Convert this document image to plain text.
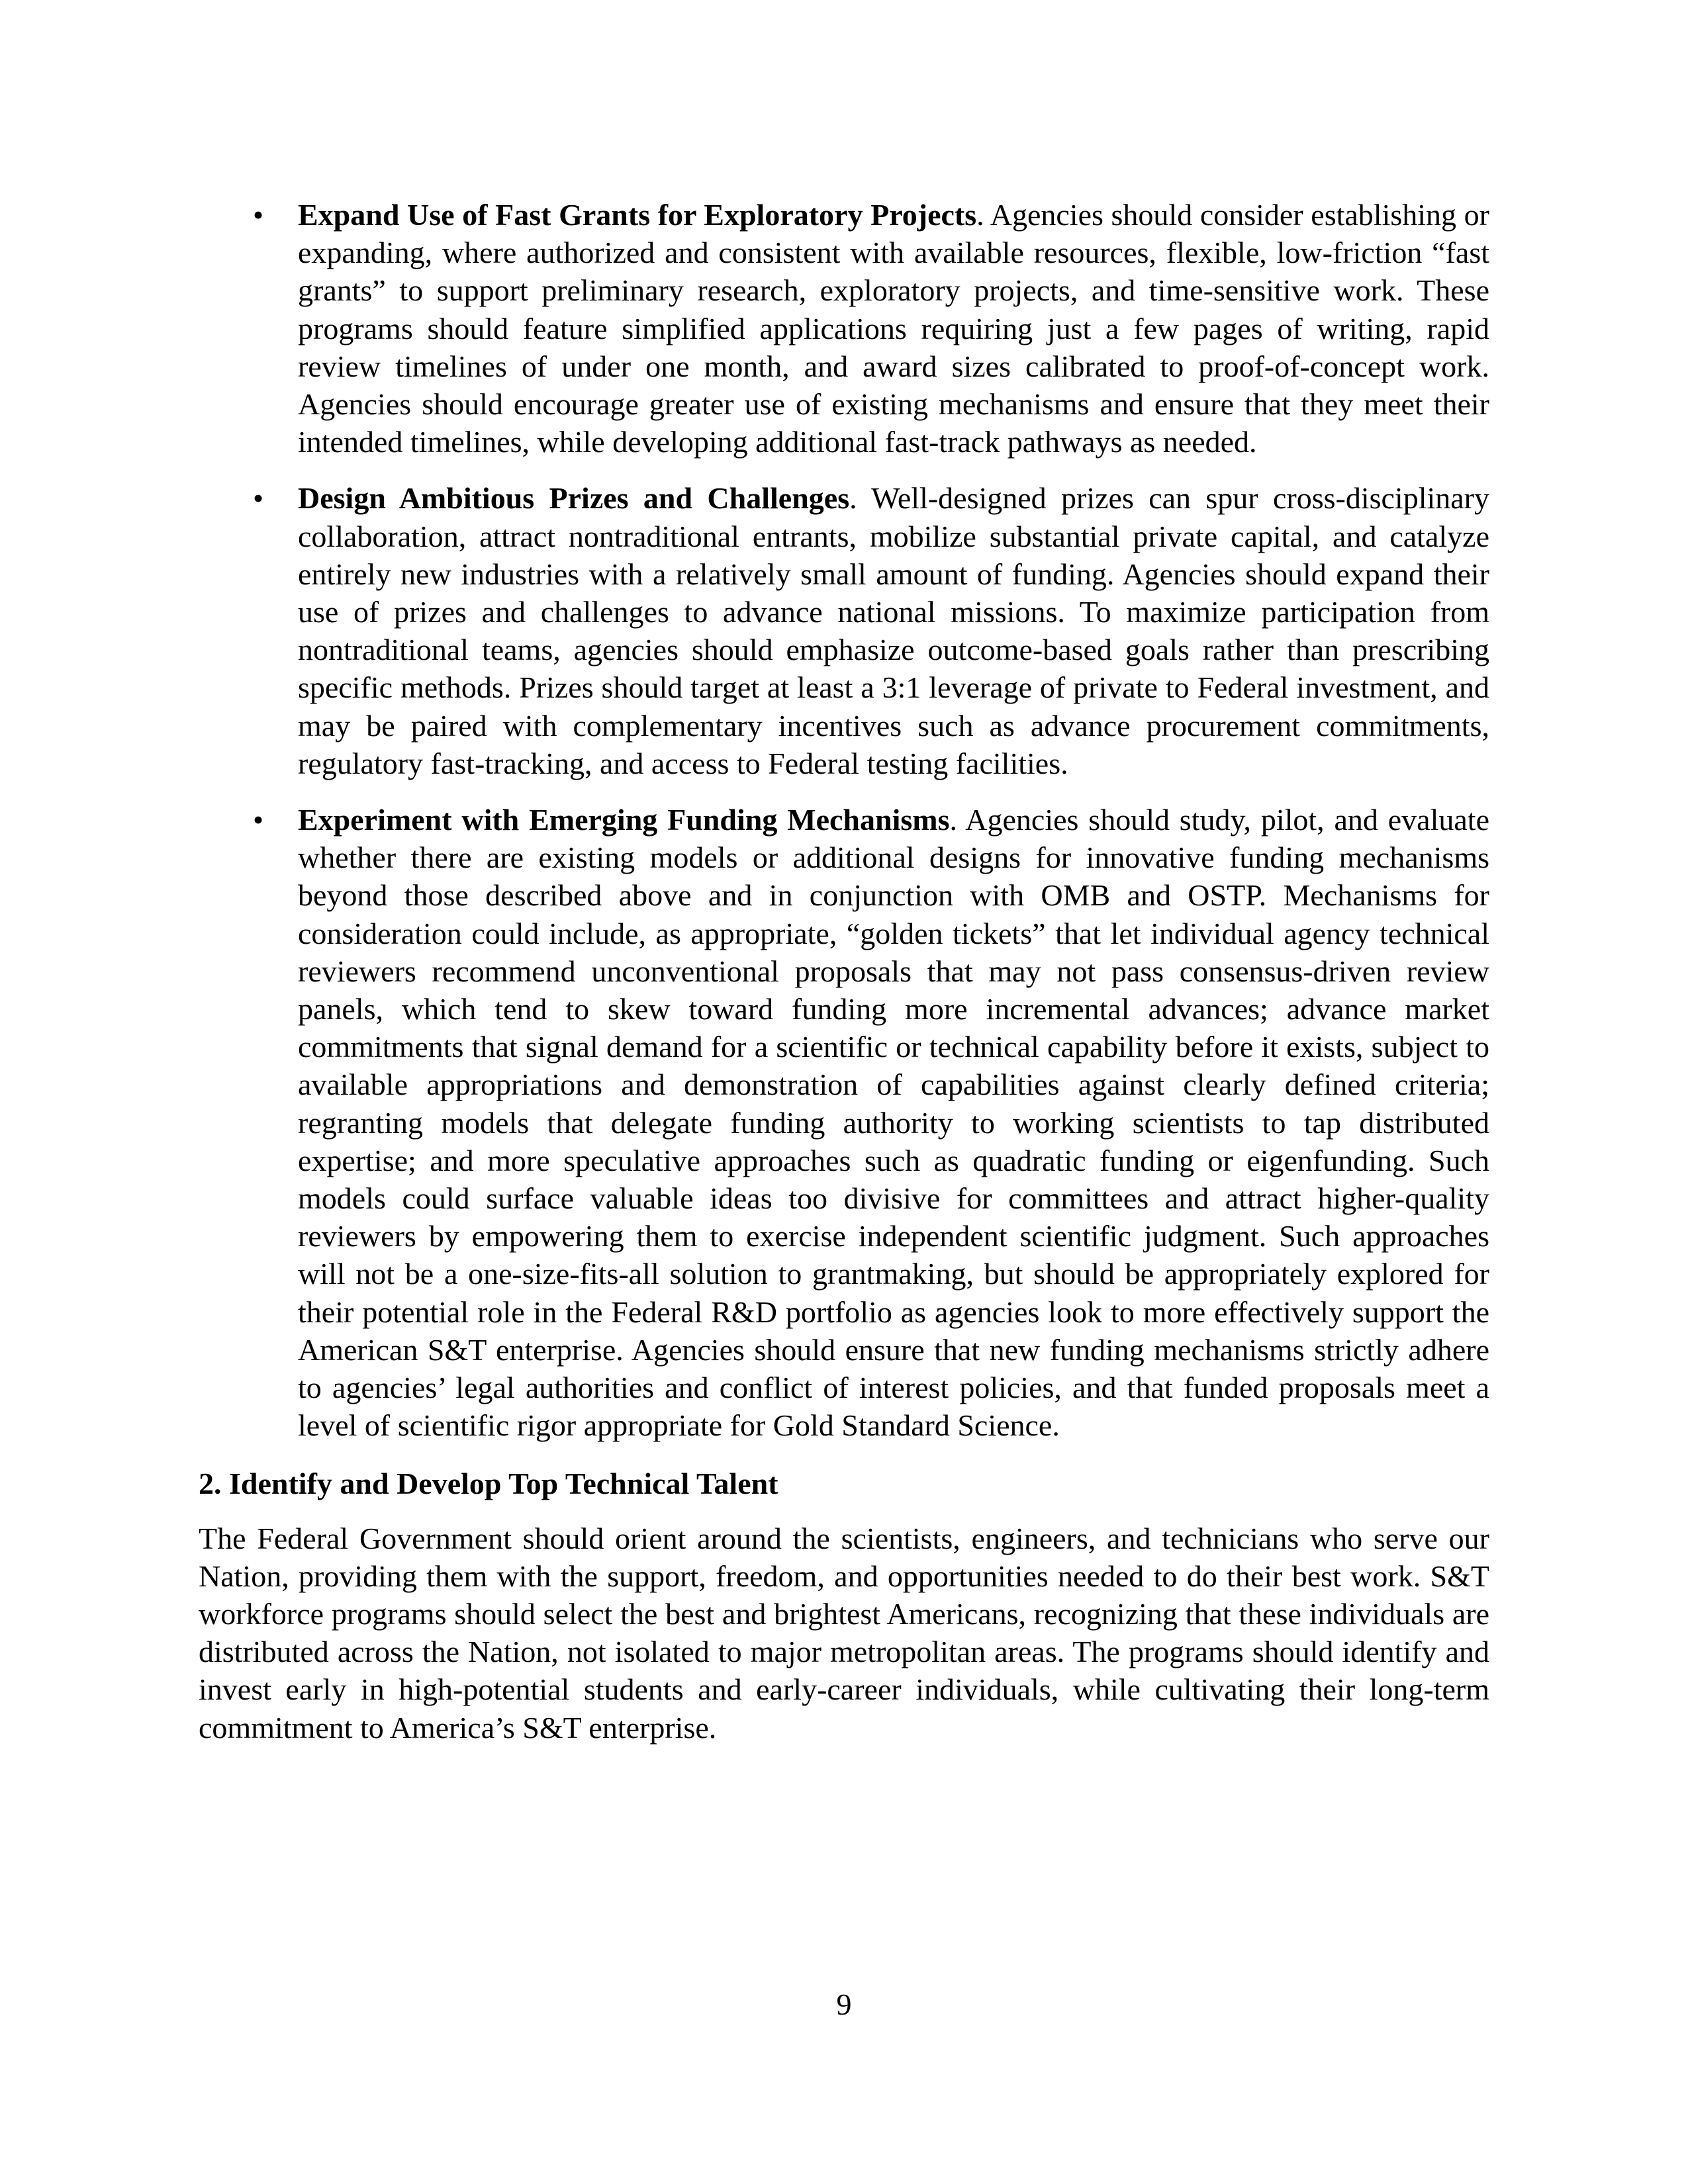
• Expand Use of Fast Grants for Exploratory Projects. Agencies should consider establishing or expanding, where authorized and consistent with available resources, flexible, low-friction “fast grants” to support preliminary research, exploratory projects, and time-sensitive work. These programs should feature simplified applications requiring just a few pages of writing, rapid review timelines of under one month, and award sizes calibrated to proof-of-concept work. Agencies should encourage greater use of existing mechanisms and ensure that they meet their intended timelines, while developing additional fast-track pathways as needed.
• Design Ambitious Prizes and Challenges. Well-designed prizes can spur cross-disciplinary collaboration, attract nontraditional entrants, mobilize substantial private capital, and catalyze entirely new industries with a relatively small amount of funding. Agencies should expand their use of prizes and challenges to advance national missions. To maximize participation from nontraditional teams, agencies should emphasize outcome-based goals rather than prescribing specific methods. Prizes should target at least a 3:1 leverage of private to Federal investment, and may be paired with complementary incentives such as advance procurement commitments, regulatory fast-tracking, and access to Federal testing facilities.
• Experiment with Emerging Funding Mechanisms. Agencies should study, pilot, and evaluate whether there are existing models or additional designs for innovative funding mechanisms beyond those described above and in conjunction with OMB and OSTP. Mechanisms for consideration could include, as appropriate, “golden tickets” that let individual agency technical reviewers recommend unconventional proposals that may not pass consensus-driven review panels, which tend to skew toward funding more incremental advances; advance market commitments that signal demand for a scientific or technical capability before it exists, subject to available appropriations and demonstration of capabilities against clearly defined criteria; regranting models that delegate funding authority to working scientists to tap distributed expertise; and more speculative approaches such as quadratic funding or eigenfunding. Such models could surface valuable ideas too divisive for committees and attract higher-quality reviewers by empowering them to exercise independent scientific judgment. Such approaches will not be a one-size-fits-all solution to grantmaking, but should be appropriately explored for their potential role in the Federal R&D portfolio as agencies look to more effectively support the American S&T enterprise. Agencies should ensure that new funding mechanisms strictly adhere to agencies’ legal authorities and conflict of interest policies, and that funded proposals meet a level of scientific rigor appropriate for Gold Standard Science.
2. Identify and Develop Top Technical Talent

The Federal Government should orient around the scientists, engineers, and technicians who serve our Nation, providing them with the support, freedom, and opportunities needed to do their best work. S&T workforce programs should select the best and brightest Americans, recognizing that these individuals are distributed across the Nation, not isolated to major metropolitan areas. The programs should identify and invest early in high-potential students and early-career individuals, while cultivating their long-term commitment to America’s S&T enterprise.

9
